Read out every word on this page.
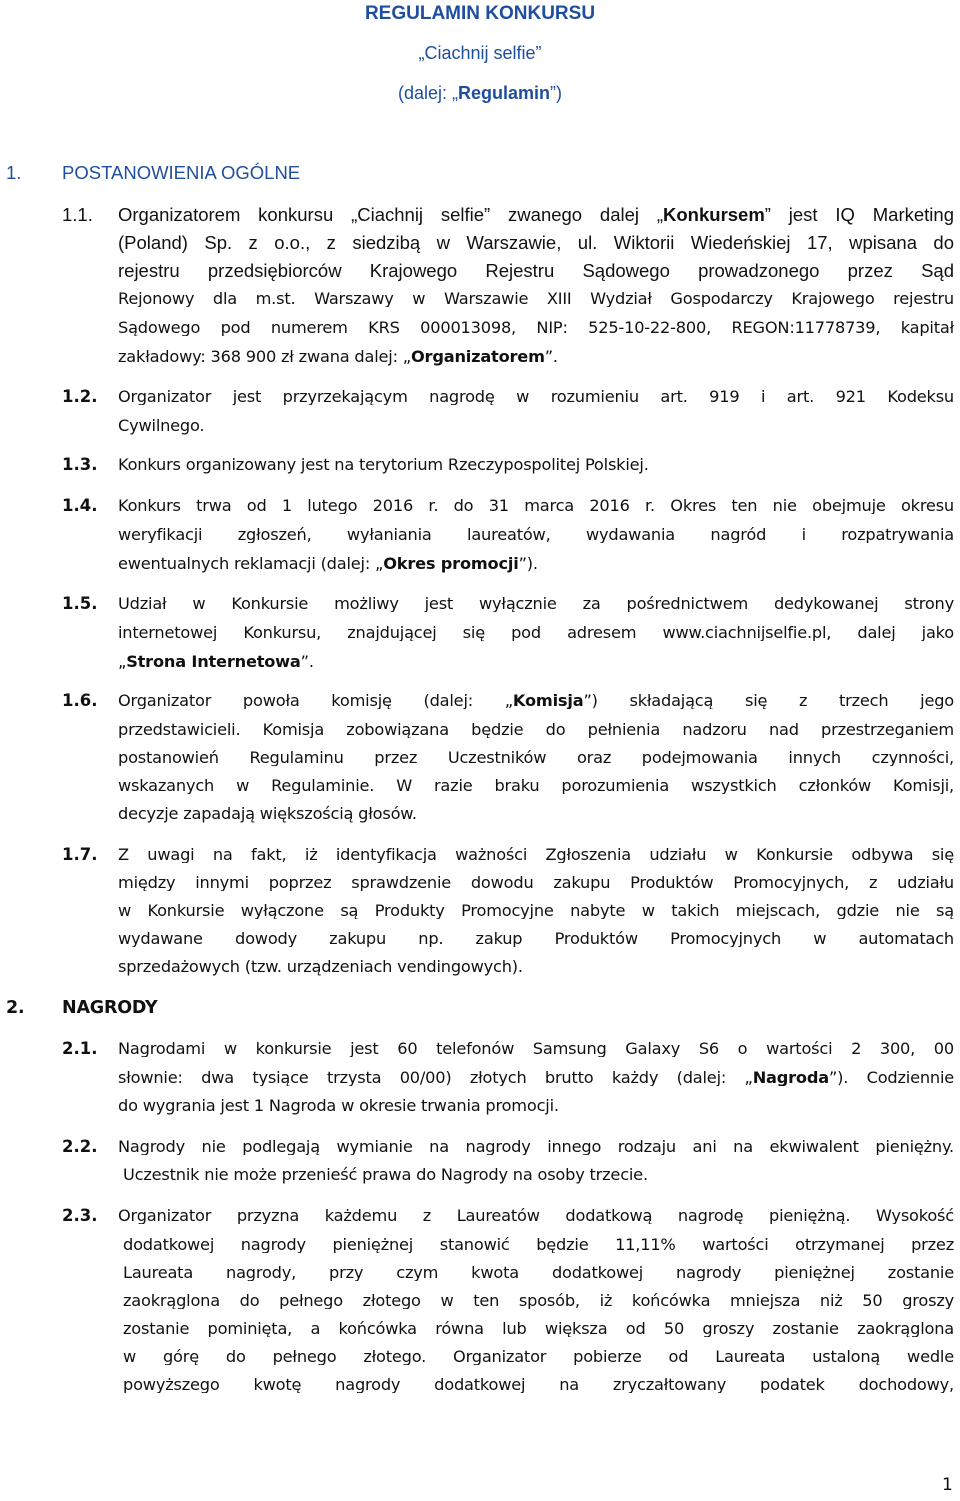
REGULAMIN KONKURSU
„Ciachnij selfie”
(dalej: „Regulamin”)
1. POSTANOWIENIA OGÓLNE
1.1. Organizatorem konkursu „Ciachnij selfie” zwanego dalej „Konkursem” jest IQ Marketing
(Poland) Sp. z o.o., z siedzibą w Warszawie, ul. Wiktorii Wiedeńskiej 17, wpisana do
rejestru przedsiębiorców Krajowego Rejestru Sądowego prowadzonego przez Sąd
Rejonowy dla m.st. Warszawy w Warszawie XIII Wydział Gospodarczy Krajowego rejestru
Sądowego pod numerem KRS 000013098, NIP: 525-10-22-800, REGON:11778739, kapitał
zakładowy: 368 900 zł zwana dalej: „Organizatorem”.
1.2. Organizator jest przyrzekającym nagrodę w rozumieniu art. 919 i art. 921 Kodeksu
Cywilnego.
1.3. Konkurs organizowany jest na terytorium Rzeczypospolitej Polskiej.
1.4. Konkurs trwa od 1 lutego 2016 r. do 31 marca 2016 r. Okres ten nie obejmuje okresu
weryfikacji zgłoszeń, wyłaniania laureatów, wydawania nagród i rozpatrywania
ewentualnych reklamacji (dalej: „Okres promocji”).
1.5. Udział w Konkursie możliwy jest wyłącznie za pośrednictwem dedykowanej strony
internetowej Konkursu, znajdującej się pod adresem www.ciachnijselfie.pl, dalej jako
„Strona Internetowa”.
1.6. Organizator powoła komisję (dalej: „Komisja”) składającą się z trzech jego
przedstawicieli. Komisja zobowiązana będzie do pełnienia nadzoru nad przestrzeganiem
postanowień Regulaminu przez Uczestników oraz podejmowania innych czynności,
wskazanych w Regulaminie. W razie braku porozumienia wszystkich członków Komisji,
decyzje zapadają większością głosów.
1.7. Z uwagi na fakt, iż identyfikacja ważności Zgłoszenia udziału w Konkursie odbywa się
między innymi poprzez sprawdzenie dowodu zakupu Produktów Promocyjnych, z udziału
w Konkursie wyłączone są Produkty Promocyjne nabyte w takich miejscach, gdzie nie są
wydawane dowody zakupu np. zakup Produktów Promocyjnych w automatach
sprzedażowych (tzw. urządzeniach vendingowych).
2. NAGRODY
2.1. Nagrodami w konkursie jest 60 telefonów Samsung Galaxy S6 o wartości 2 300, 00
słownie: dwa tysiące trzysta 00/00) złotych brutto każdy (dalej: „Nagroda”). Codziennie
do wygrania jest 1 Nagroda w okresie trwania promocji.
2.2. Nagrody nie podlegają wymianie na nagrody innego rodzaju ani na ekwiwalent pieniężny.
Uczestnik nie może przenieść prawa do Nagrody na osoby trzecie.
2.3. Organizator przyzna każdemu z Laureatów dodatkową nagrodę pieniężną. Wysokość
dodatkowej nagrody pieniężnej stanowić będzie 11,11% wartości otrzymanej przez
Laureata nagrody, przy czym kwota dodatkowej nagrody pieniężnej zostanie
zaokrąglona do pełnego złotego w ten sposób, iż końcówka mniejsza niż 50 groszy
zostanie pominięta, a końcówka równa lub większa od 50 groszy zostanie zaokrąglona
w górę do pełnego złotego. Organizator pobierze od Laureata ustaloną wedle
powyższego kwotę nagrody dodatkowej na zryczałtowany podatek dochodowy,
1
